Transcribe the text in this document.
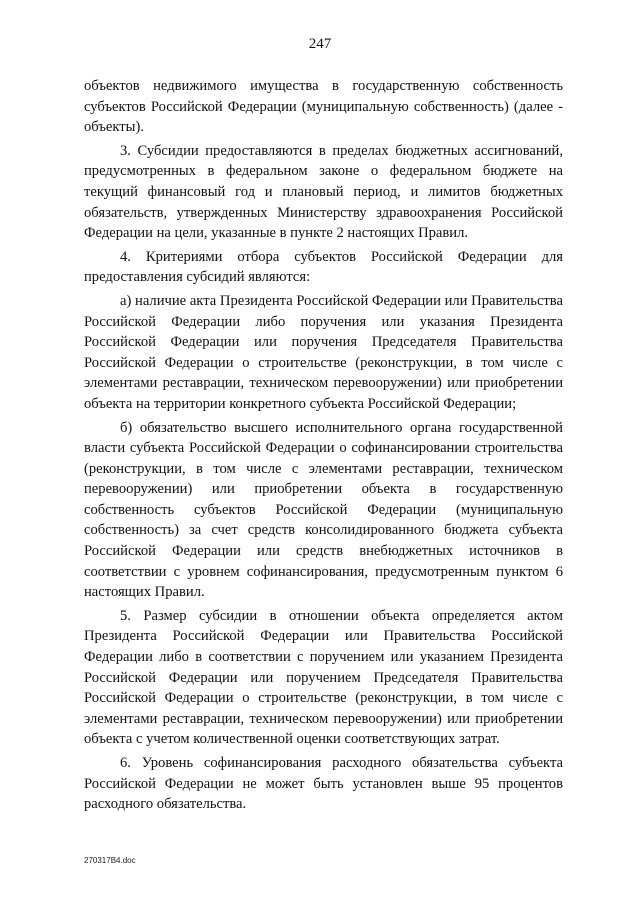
247

объектов недвижимого имущества в государственную собственность субъектов Российской Федерации (муниципальную собственность) (далее - объекты).

3. Субсидии предоставляются в пределах бюджетных ассигнований, предусмотренных в федеральном законе о федеральном бюджете на текущий финансовый год и плановый период, и лимитов бюджетных обязательств, утвержденных Министерству здравоохранения Российской Федерации на цели, указанные в пункте 2 настоящих Правил.

4. Критериями отбора субъектов Российской Федерации для предоставления субсидий являются:

а) наличие акта Президента Российской Федерации или Правительства Российской Федерации либо поручения или указания Президента Российской Федерации или поручения Председателя Правительства Российской Федерации о строительстве (реконструкции, в том числе с элементами реставрации, техническом перевооружении) или приобретении объекта на территории конкретного субъекта Российской Федерации;

б) обязательство высшего исполнительного органа государственной власти субъекта Российской Федерации о софинансировании строительства (реконструкции, в том числе с элементами реставрации, техническом перевооружении) или приобретении объекта в государственную собственность субъектов Российской Федерации (муниципальную собственность) за счет средств консолидированного бюджета субъекта Российской Федерации или средств внебюджетных источников в соответствии с уровнем софинансирования, предусмотренным пунктом 6 настоящих Правил.

5. Размер субсидии в отношении объекта определяется актом Президента Российской Федерации или Правительства Российской Федерации либо в соответствии с поручением или указанием Президента Российской Федерации или поручением Председателя Правительства Российской Федерации о строительстве (реконструкции, в том числе с элементами реставрации, техническом перевооружении) или приобретении объекта с учетом количественной оценки соответствующих затрат.

6. Уровень софинансирования расходного обязательства субъекта Российской Федерации не может быть установлен выше 95 процентов расходного обязательства.

270317B4.doc
